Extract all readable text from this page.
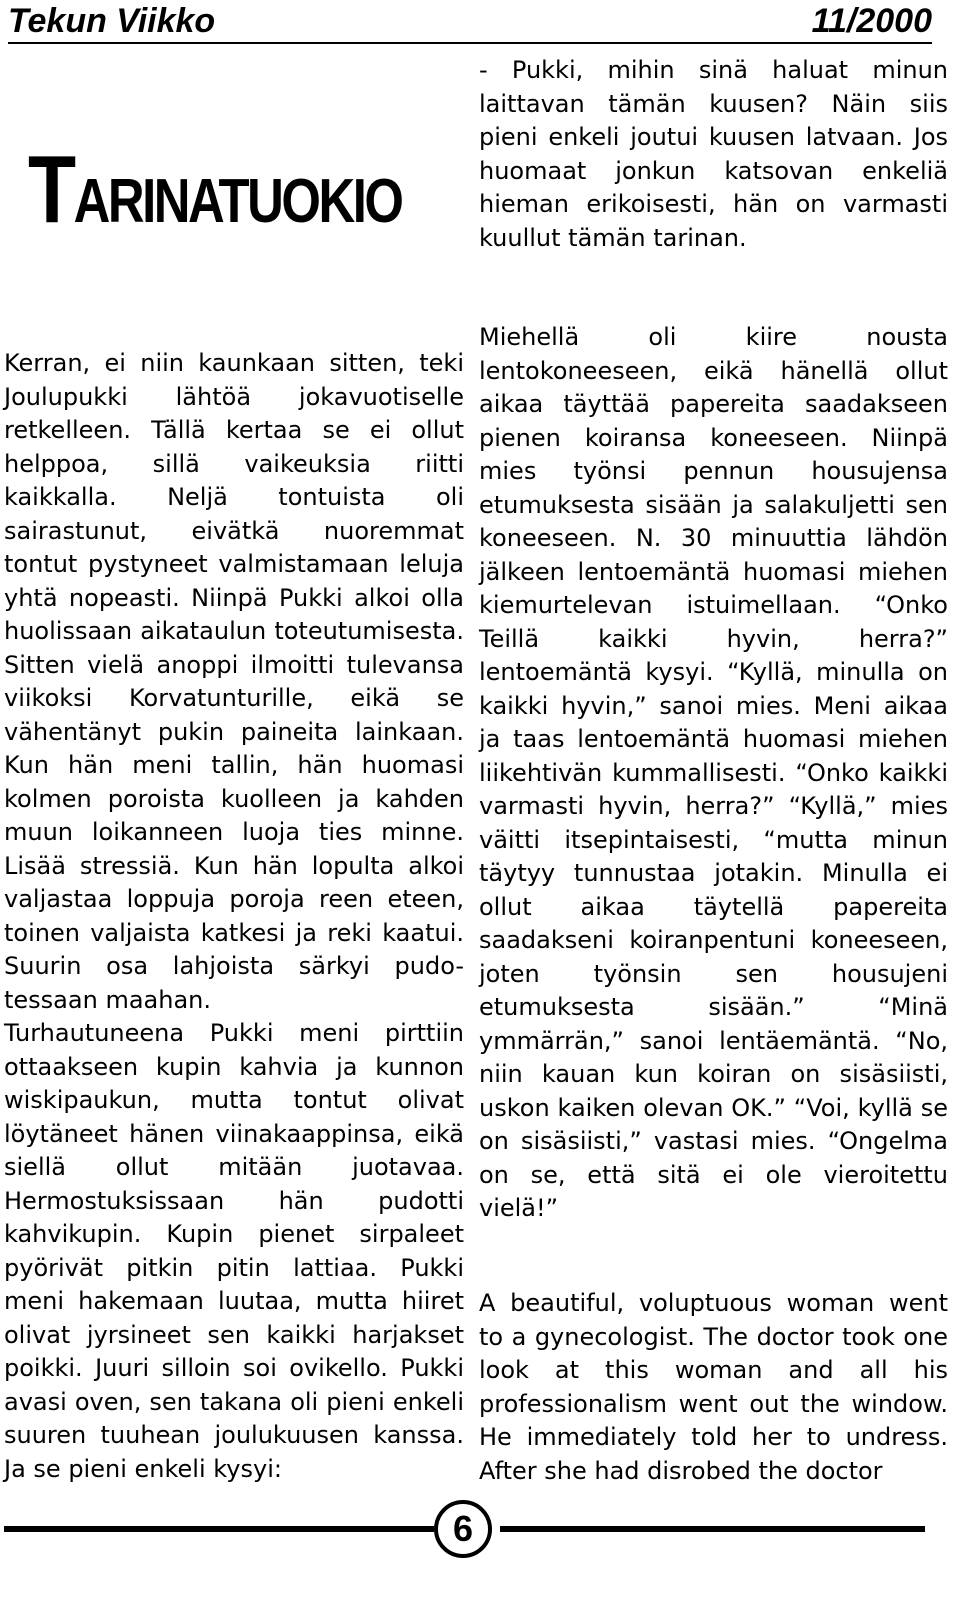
Tekun Viikko	11/2000
TARINATUOKIO

- Pukki, mihin sinä haluat minun laittavan tämän kuusen? Näin siis pieni enkeli joutui kuusen latvaan. Jos huomaat jonkun katsovan enkeliä hieman erikoisesti, hän on varmasti kuullut tämän tarinan.

Kerran, ei niin kaunkaan sitten, teki Joulupukki lähtöä jokavuotiselle retkelleen. Tällä kertaa se ei ollut helppoa, sillä vaikeuksia riitti kaikkalla. Neljä tontuista oli sairastunut, eivätkä nuoremmat tontut pystyneet valmistamaan leluja yhtä nopeasti. Niinpä Pukki alkoi olla huolissaan aikataulun toteutumisesta. Sitten vielä anoppi ilmoitti tulevansa viikoksi Korvatunturille, eikä se vähentänyt pukin paineita lainkaan. Kun hän meni tallin, hän huomasi kolmen poroista kuolleen ja kahden muun loikanneen luoja ties minne. Lisää stressiä. Kun hän lopulta alkoi valjastaa loppuja poroja reen eteen, toinen valjaista katkesi ja reki kaatui. Suurin osa lahjoista särkyi pudo-tessaan maahan.

Turhautuneena Pukki meni pirttiin ottaakseen kupin kahvia ja kunnon wiskipaukun, mutta tontut olivat löytäneet hänen viinakaappinsa, eikä siellä ollut mitään juotavaa. Hermostuksissaan hän pudotti kahvikupin. Kupin pienet sirpaleet pyörivät pitkin pitin lattiaa. Pukki meni hakemaan luutaa, mutta hiiret olivat jyrsineet sen kaikki harjakset poikki. Juuri silloin soi ovikello. Pukki avasi oven, sen takana oli pieni enkeli suuren tuuhean joulukuusen kanssa. Ja se pieni enkeli kysyi:

Miehellä oli kiire nousta lentokoneeseen, eikä hänellä ollut aikaa täyttää papereita saadakseen pienen koiransa koneeseen. Niinpä mies työnsi pennun housujensa etumuksesta sisään ja salakuljetti sen koneeseen. N. 30 minuuttia lähdön jälkeen lentoemäntä huomasi miehen kiemurtelevan istuimellaan. “Onko Teillä kaikki hyvin, herra?” lentoemäntä kysyi. “Kyllä, minulla on kaikki hyvin,” sanoi mies. Meni aikaa ja taas lentoemäntä huomasi miehen liikehtivän kummallisesti. “Onko kaikki varmasti hyvin, herra?” “Kyllä,” mies väitti itsepintaisesti, “mutta minun täytyy tunnustaa jotakin. Minulla ei ollut aikaa täytellä papereita saadakseni koiranpentuni koneeseen, joten työnsin sen housujeni etumuksesta sisään.” “Minä ymmärrän,” sanoi lentäemäntä. “No, niin kauan kun koiran on sisäsiisti, uskon kaiken olevan OK.” “Voi, kyllä se on sisäsiisti,” vastasi mies. “Ongelma on se, että sitä ei ole vieroitettu vielä!”

A beautiful, voluptuous woman went to a gynecologist. The doctor took one look at this woman and all his professionalism went out the window. He immediately told her to undress. After she had disrobed the doctor

6
